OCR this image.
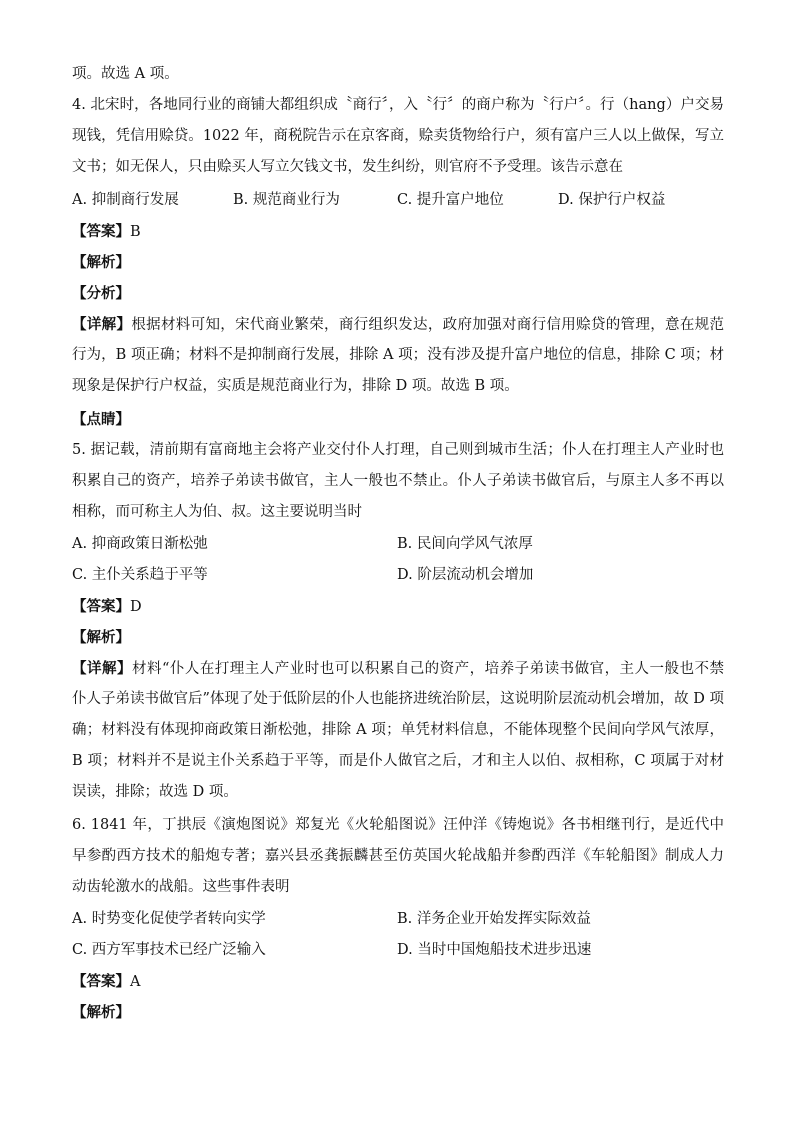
项。故选 A 项。
4. 北宋时，各地同行业的商铺大都组织成〝商行〞，入〝行〞的商户称为〝行户〞。行（hang）户交易
现钱，凭信用赊贷。1022 年，商税院告示在京客商，赊卖货物给行户，须有富户三人以上做保，写立
文书；如无保人，只由赊买人写立欠钱文书，发生纠纷，则官府不予受理。该告示意在
A. 抑制商行发展	B. 规范商业行为	C. 提升富户地位	D. 保护行户权益
【答案】B
【解析】
【分析】
【详解】根据材料可知，宋代商业繁荣，商行组织发达，政府加强对商行信用赊贷的管理，意在规范
行为，B 项正确；材料不是抑制商行发展，排除 A 项；没有涉及提升富户地位的信息，排除 C 项；材
现象是保护行户权益，实质是规范商业行为，排除 D 项。故选 B 项。
【点睛】
5. 据记载，清前期有富商地主会将产业交付仆人打理，自己则到城市生活；仆人在打理主人产业时也
积累自己的资产，培养子弟读书做官，主人一般也不禁止。仆人子弟读书做官后，与原主人多不再以
相称，而可称主人为伯、叔。这主要说明当时
A. 抑商政策日渐松弛	B. 民间向学风气浓厚
C. 主仆关系趋于平等	D. 阶层流动机会增加
【答案】D
【解析】
【详解】材料“仆人在打理主人产业时也可以积累自己的资产，培养子弟读书做官，主人一般也不禁
仆人子弟读书做官后”体现了处于低阶层的仆人也能挤进统治阶层，这说明阶层流动机会增加，故 D 项
确；材料没有体现抑商政策日渐松弛，排除 A 项；单凭材料信息，不能体现整个民间向学风气浓厚，
B 项；材料并不是说主仆关系趋于平等，而是仆人做官之后，才和主人以伯、叔相称，C 项属于对材
误读，排除；故选 D 项。
6. 1841 年，丁拱辰《演炮图说》郑复光《火轮船图说》汪仲洋《铸炮说》各书相继刊行，是近代中
早参酌西方技术的船炮专著；嘉兴县丞龚振麟甚至仿英国火轮战船并参酌西洋《车轮船图》制成人力
动齿轮激水的战船。这些事件表明
A. 时势变化促使学者转向实学	B. 洋务企业开始发挥实际效益
C. 西方军事技术已经广泛输入	D. 当时中国炮船技术进步迅速
【答案】A
【解析】
